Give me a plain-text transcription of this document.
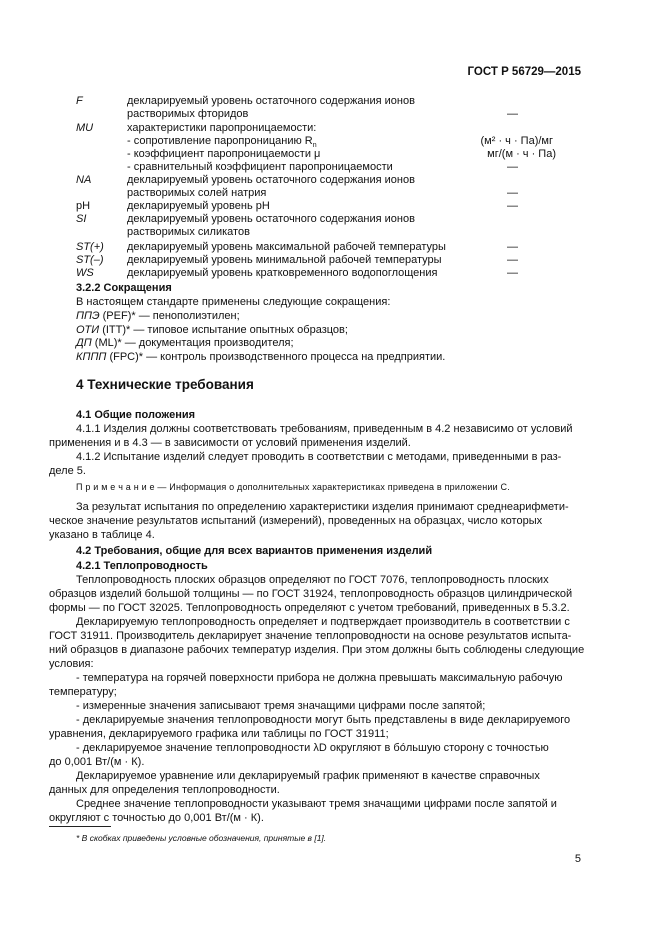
ГОСТ Р 56729—2015
F	декларируемый уровень остаточного содержания ионов
растворимых фторидов	—
MU	характеристики паропроницаемости:
- сопротивление паропроницанию $R_n$	(м² · ч · Па)/мг
- коэффициент паропроницаемости μ	мг/(м · ч · Па)
- сравнительный коэффициент паропроницаемости	—
NA	декларируемый уровень остаточного содержания ионов
растворимых солей натрия	—
pH	декларируемый уровень pH	—
SI	декларируемый уровень остаточного содержания ионов
растворимых силикатов
ST(+) декларируемый уровень максимальной рабочей температуры	—
ST(–) декларируемый уровень минимальной рабочей температуры	—
WS	декларируемый уровень кратковременного водопоглощения	—
3.2.2 Сокращения
В настоящем стандарте применены следующие сокращения:
ППЭ (PEF)* — пенополиэтилен;
ОТИ (ITT)* — типовое испытание опытных образцов;
ДП (ML)* — документация производителя;
КППП (FPC)* — контроль производственного процесса на предприятии.
4 Технические требования
4.1 Общие положения
4.1.1 Изделия должны соответствовать требованиям, приведенным в 4.2 независимо от условий
применения и в 4.3 — в зависимости от условий применения изделий.
4.1.2 Испытание изделий следует проводить в соответствии с методами, приведенными в раз-
деле 5.
П р и м е ч а н и е — Информация о дополнительных характеристиках приведена в приложении С.
За результат испытания по определению характеристики изделия принимают среднеарифмети-
ческое значение результатов испытаний (измерений), проведенных на образцах, число которых
указано в таблице 4.
4.2 Требования, общие для всех вариантов применения изделий
4.2.1 Теплопроводность
Теплопроводность плоских образцов определяют по ГОСТ 7076, теплопроводность плоских
образцов изделий большой толщины — по ГОСТ 31924, теплопроводность образцов цилиндрической
формы — по ГОСТ 32025. Теплопроводность определяют с учетом требований, приведенных в 5.3.2.
Декларируемую теплопроводность определяет и подтверждает производитель в соответствии с
ГОСТ 31911. Производитель декларирует значение теплопроводности на основе результатов испыта-
ний образцов в диапазоне рабочих температур изделия. При этом должны быть соблюдены следующие
условия:
- температура на горячей поверхности прибора не должна превышать максимальную рабочую
температуру;
- измеренные значения записывают тремя значащими цифрами после запятой;
- декларируемые значения теплопроводности могут быть представлены в виде декларируемого
уравнения, декларируемого графика или таблицы по ГОСТ 31911;
- декларируемое значение теплопроводности λD округляют в бóльшую сторону с точностью
до 0,001 Вт/(м · К).
Декларируемое уравнение или декларируемый график применяют в качестве справочных
данных для определения теплопроводности.
Среднее значение теплопроводности указывают тремя значащими цифрами после запятой и
округляют с точностью до 0,001 Вт/(м · К).
* В скобках приведены условные обозначения, принятые в [1].
5
